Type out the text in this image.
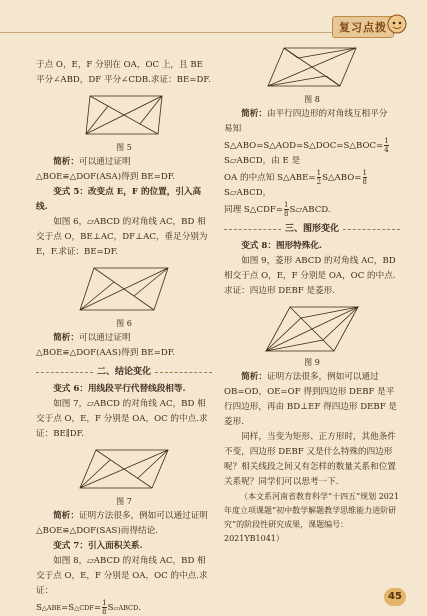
复习点拨

于点 O，E，F 分别在 OA，OC 上，且 BE 平分∠ABD，DF 平分∠CDB.求证：BE=DF.

图 5

简析：可以通过证明△BOE≌△DOF(ASA)得到 BE=DF.

变式 5：改变点 E，F 的位置，引入高线.

如图 6，▱ABCD 的对角线 AC，BD 相交于点 O，BE⊥AC，DF⊥AC，垂足分别为 E，F.求证：BE=DF.

图 6

简析：可以通过证明△BOE≌△DOF(AAS)得到 BE=DF.

二、结论变化

变式 6：用线段平行代替线段相等.

如图 7，▱ABCD 的对角线 AC，BD 相交于点 O，E，F 分别是 OA，OC 的中点.求证：BE∥DF.

图 7

简析：证明方法很多，例如可以通过证明△BOE≌△DOF(SAS)而得结论.

变式 7：引入面积关系.

如图 8，▱ABCD 的对角线 AC，BD 相交于点 O，E，F 分别是 OA，OC 的中点.求证：

S△ABE=S△CDF= $\frac{1}{8}$ S▱ABCD.

图 8

简析：由平行四边形的对角线互相平分

易知 S△ABO=S△AOD=S△DOC=S△BOC= $\frac{1}{4}$
S▱ABCD，由 E 是

OA 的中点知 S△ABE= $\frac{1}{2}$ S△ABO= $\frac{1}{8}$
S▱ABCD，

同理 S△CDF= $\frac{1}{8}$ S▱ABCD.

三、图形变化

变式 8：图形特殊化.

如图 9，菱形 ABCD 的对角线 AC，BD 相交于点 O，E，F 分别是 OA，OC 的中点.求证：四边形 DEBF 是菱形.

图 9

简析：证明方法很多，例如可以通过 OB=OD，OE=OF 得到四边形 DEBF 是平行四边形，再由 BD⊥EF 得四边形 DEBF 是菱形.

同样，当变为矩形、正方形时，其他条件不变，四边形 DEBF 又是什么特殊的四边形呢？相关线段之间又有怎样的数量关系和位置关系呢？同学们可以思考一下.

（本文系河南省教育科学“十四五”规划 2021 年度立项课题“初中数学解题教学思维能力进阶研究”的阶段性研究成果，课题编号：2021YB1041）

45
